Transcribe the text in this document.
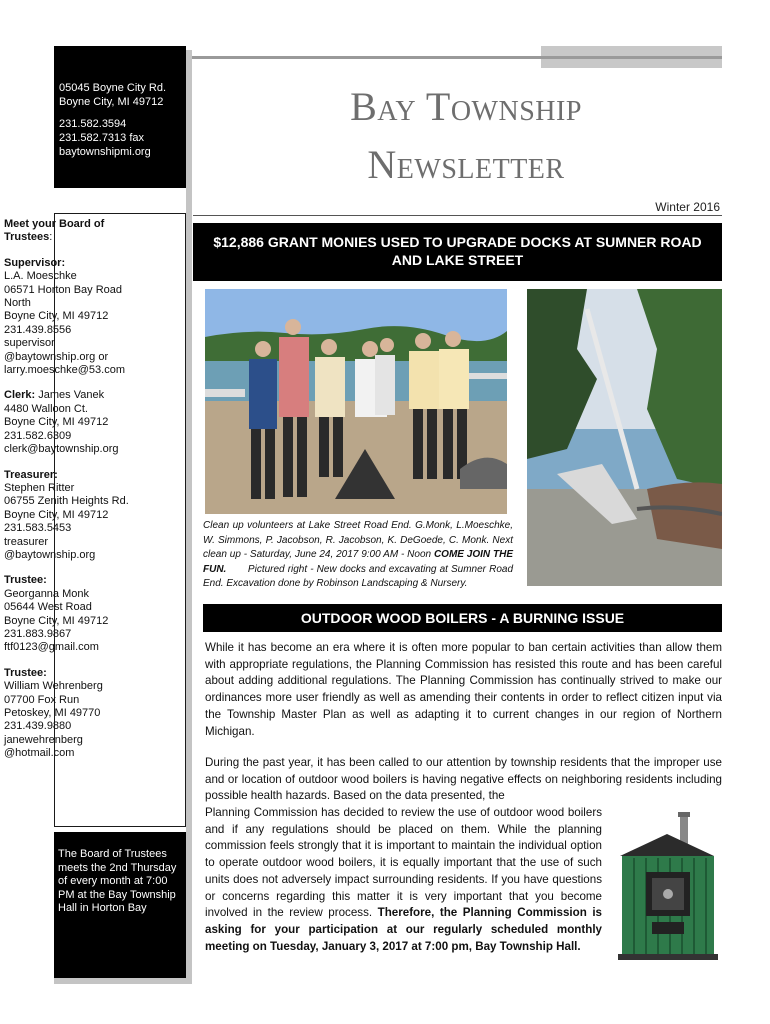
05045 Boyne City Rd.
Boyne City, MI 49712
231.582.3594
231.582.7313 fax
baytownshipmi.org
Meet your Board of Trustees:
Supervisor:
L.A. Moeschke
06571 Horton Bay Road North
Boyne City, MI 49712
231.439.8556
supervisor @baytownship.org or larry.moeschke@53.com
Clerk: James Vanek
4480 Walloon Ct.
Boyne City, MI 49712
231.582.6309
clerk@baytownship.org
Treasurer:
Stephen Ritter
06755 Zenith Heights Rd.
Boyne City, MI 49712
231.583.5453
treasurer @baytownship.org
Trustee:
Georganna Monk
05644 West Road
Boyne City, MI 49712
231.883.9867
ftf0123@gmail.com
Trustee:
William Wehrenberg
07700 Fox Run
Petoskey, MI 49770
231.439.9880
janewehrenberg @hotmail.com
The Board of Trustees meets the 2nd Thursday of every month at 7:00 PM at the Bay Township Hall in Horton Bay
Bay Township
Newsletter
Winter 2016
$12,886 GRANT MONIES USED TO UPGRADE DOCKS AT SUMNER ROAD AND LAKE STREET
Clean up volunteers at Lake Street Road End. G.Monk, L.Moeschke, W. Simmons, P. Jacobson, R. Jacobson, K. DeGoede, C. Monk. Next clean up - Saturday, June 24, 2017 9:00 AM - Noon COME JOIN THE FUN. Pictured right - New docks and excavating at Sumner Road End. Excavation done by Robinson Landscaping & Nursery.
OUTDOOR WOOD BOILERS - A BURNING ISSUE
While it has become an era where it is often more popular to ban certain activities than allow them with appropriate regulations, the Planning Commission has resisted this route and has been careful about adding additional regulations. The Planning Commission has continually strived to make our ordinances more user friendly as well as amending their contents in order to reflect citizen input via the Township Master Plan as well as adapting it to current changes in our region of Northern Michigan.
During the past year, it has been called to our attention by township residents that the improper use and or location of outdoor wood boilers is having negative effects on neighboring residents including possible health hazards. Based on the data presented, the
Planning Commission has decided to review the use of outdoor wood boilers and if any regulations should be placed on them. While the planning commission feels strongly that it is important to maintain the individual option to operate outdoor wood boilers, it is equally important that the use of such units does not adversely impact surrounding residents. If you have questions or concerns regarding this matter it is very important that you become involved in the review process. Therefore, the Planning Commission is asking for your participation at our regularly scheduled monthly meeting on Tuesday, January 3, 2017 at 7:00 pm, Bay Township Hall.
